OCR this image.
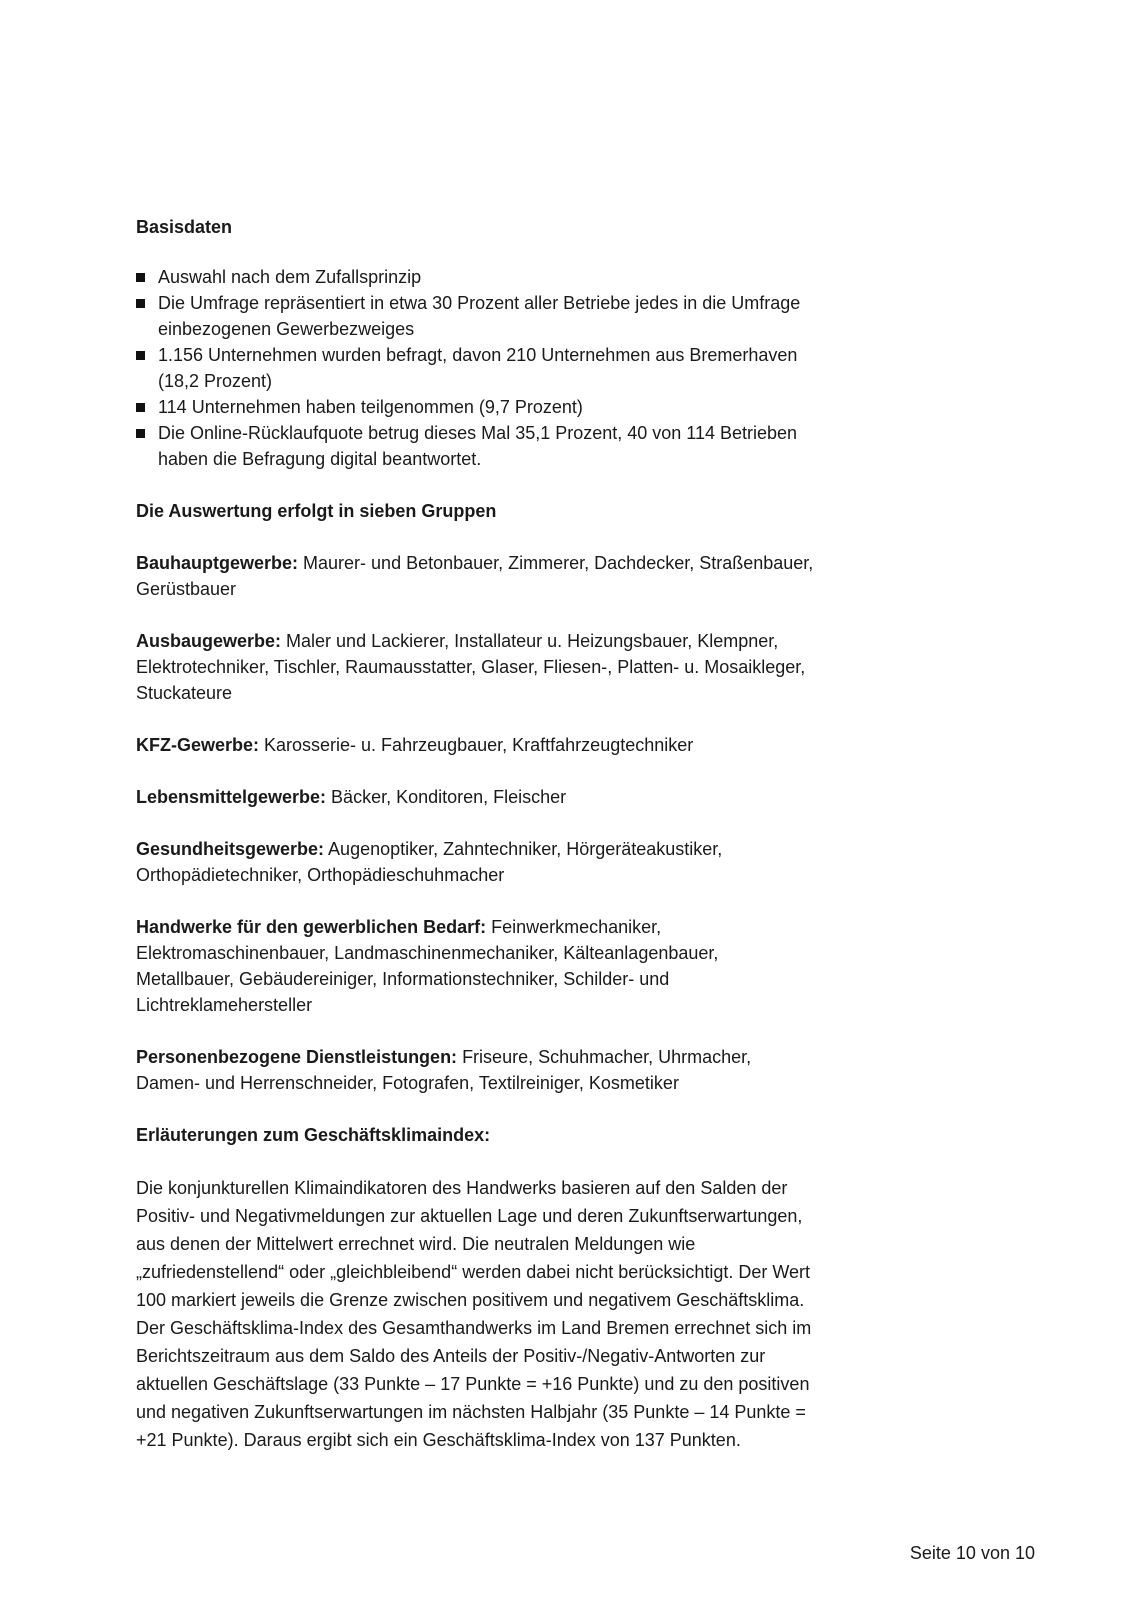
Basisdaten

Auswahl nach dem Zufallsprinzip
Die Umfrage repräsentiert in etwa 30 Prozent aller Betriebe jedes in die Umfrage einbezogenen Gewerbezweiges
1.156 Unternehmen wurden befragt, davon 210 Unternehmen aus Bremerhaven (18,2 Prozent)
114 Unternehmen haben teilgenommen (9,7 Prozent)
Die Online-Rücklaufquote betrug dieses Mal 35,1 Prozent, 40 von 114 Betrieben haben die Befragung digital beantwortet.

Die Auswertung erfolgt in sieben Gruppen

Bauhauptgewerbe: Maurer- und Betonbauer, Zimmerer, Dachdecker, Straßenbauer, Gerüstbauer

Ausbaugewerbe: Maler und Lackierer, Installateur u. Heizungsbauer, Klempner, Elektrotechniker, Tischler, Raumausstatter, Glaser, Fliesen-, Platten- u. Mosaikleger, Stuckateure

KFZ-Gewerbe: Karosserie- u. Fahrzeugbauer, Kraftfahrzeugtechniker

Lebensmittelgewerbe: Bäcker, Konditoren, Fleischer

Gesundheitsgewerbe: Augenoptiker, Zahntechniker, Hörgeräteakustiker, Orthopädietechniker, Orthopädieschuhmacher

Handwerke für den gewerblichen Bedarf: Feinwerkmechaniker, Elektromaschinenbauer, Landmaschinenmechaniker, Kälteanlagenbauer, Metallbauer, Gebäudereiniger, Informationstechniker, Schilder- und Lichtreklamehersteller

Personenbezogene Dienstleistungen: Friseure, Schuhmacher, Uhrmacher, Damen- und Herrenschneider, Fotografen, Textilreiniger, Kosmetiker

Erläuterungen zum Geschäftsklimaindex:

Die konjunkturellen Klimaindikatoren des Handwerks basieren auf den Salden der Positiv- und Negativmeldungen zur aktuellen Lage und deren Zukunftserwartungen, aus denen der Mittelwert errechnet wird. Die neutralen Meldungen wie „zufriedenstellend“ oder „gleichbleibend“ werden dabei nicht berücksichtigt. Der Wert 100 markiert jeweils die Grenze zwischen positivem und negativem Geschäftsklima.

Der Geschäftsklima-Index des Gesamthandwerks im Land Bremen errechnet sich im Berichtszeitraum aus dem Saldo des Anteils der Positiv-/Negativ-Antworten zur aktuellen Geschäftslage (33 Punkte – 17 Punkte = +16 Punkte) und zu den positiven und negativen Zukunftserwartungen im nächsten Halbjahr (35 Punkte – 14 Punkte = +21 Punkte). Daraus ergibt sich ein Geschäftsklima-Index von 137 Punkten.

Seite 10 von 10
